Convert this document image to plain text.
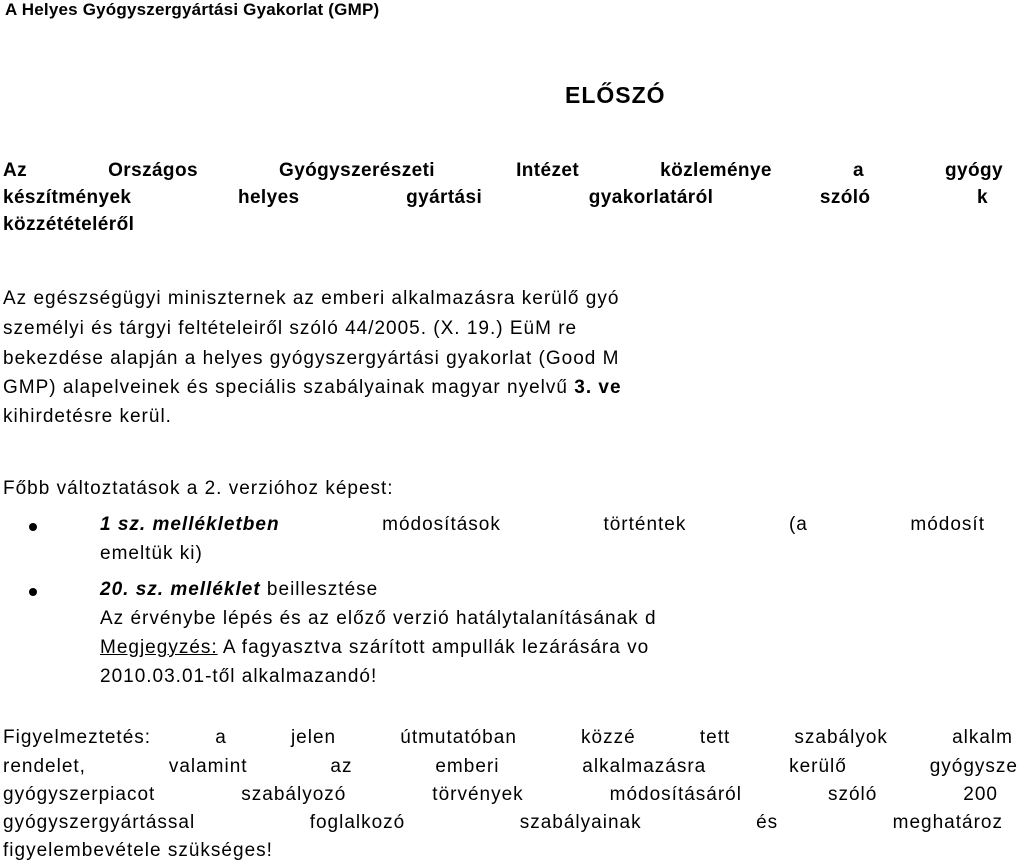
A Helyes Gyógyszergyártási Gyakorlat (GMP)
ELŐSZÓ
Az	Országos	Gyógyszerészeti	Intézet	közleménye	a	gyógy
készítmények	helyes	gyártási	gyakorlatáról	szóló	k
közzétételéről
Az egészségügyi miniszternek az emberi alkalmazásra kerülő gyó
személyi és tárgyi feltételeiről szóló 44/2005. (X. 19.) EüM re
bekezdése alapján a helyes gyógyszergyártási gyakorlat (Good M
GMP) alapelveinek és speciális szabályainak magyar nyelvű 3. ve
kihirdetésre kerül.
Főbb változtatások a 2. verzióhoz képest:
1 sz. mellékletben	módosítások	történtek	(a	módosít
emeltük ki)
20. sz. melléklet beillesztése
Az érvénybe lépés és az előző verzió hatálytalanításának d
Megjegyzés: A fagyasztva szárított ampullák lezárására vo
2010.03.01-től alkalmazandó!
Figyelmeztetés:	a	jelen	útmutatóban	közzé	tett	szabályok	alkalm
rendelet,	valamint	az	emberi	alkalmazásra	kerülő	gyógysze
gyógyszerpiacot	szabályozó	törvények	módosításáról	szóló	200
gyógyszergyártással	foglalkozó	szabályainak	és	meghatároz
figyelembevétele szükséges!
